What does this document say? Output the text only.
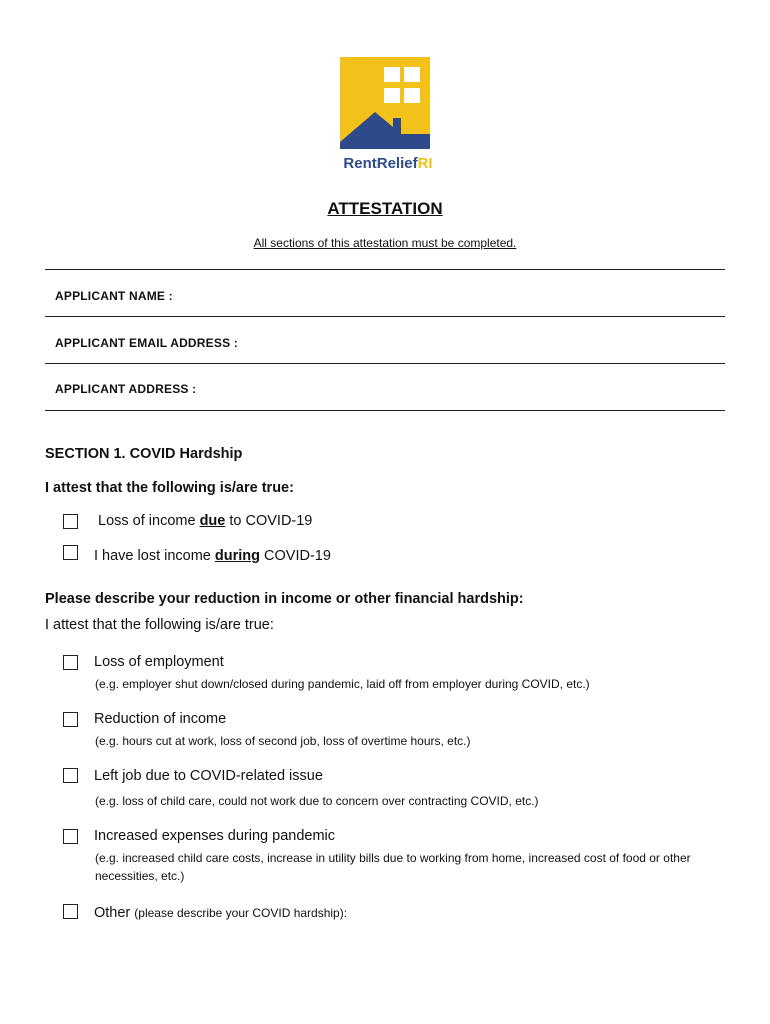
RentReliefRI
ATTESTATION
All sections of this attestation must be completed.
APPLICANT NAME :
APPLICANT EMAIL ADDRESS :
APPLICANT ADDRESS :
SECTION 1. COVID Hardship
I attest that the following is/are true:
Loss of income due to COVID-19
I have lost income during COVID-19
Please describe your reduction in income or other financial hardship:
I attest that the following is/are true:
Loss of employment
(e.g. employer shut down/closed during pandemic, laid off from employer during COVID, etc.)
Reduction of income
(e.g. hours cut at work, loss of second job, loss of overtime hours, etc.)
Left job due to COVID-related issue
(e.g. loss of child care, could not work due to concern over contracting COVID, etc.)
Increased expenses during pandemic
(e.g. increased child care costs, increase in utility bills due to working from home, increased cost of food or other necessities, etc.)
Other (please describe your COVID hardship):
